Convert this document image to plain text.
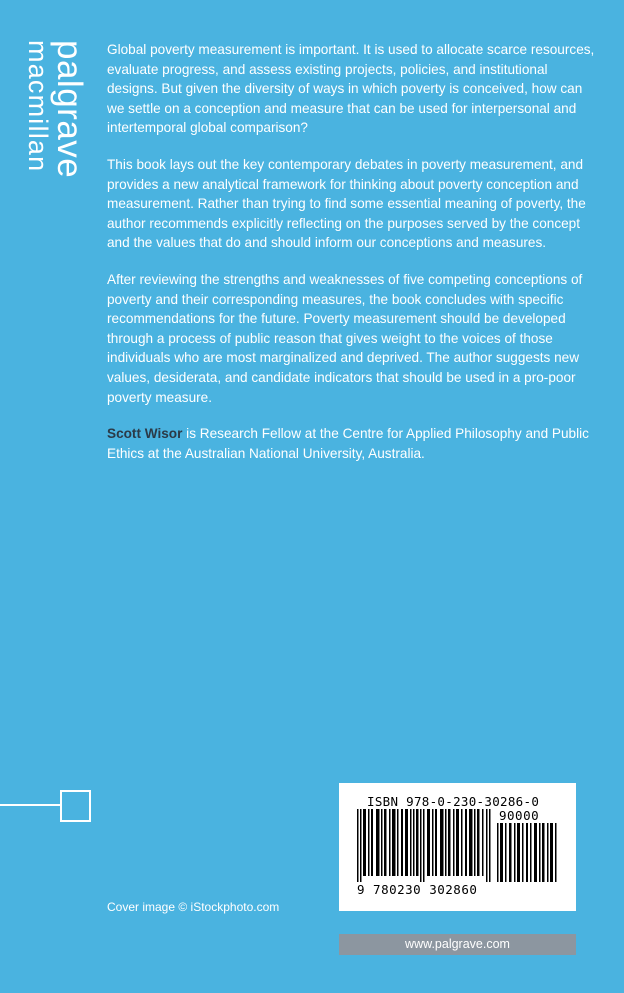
palgrave
macmillan	Global poverty measurement is important. It is used to allocate scarce resources, evaluate progress, and assess existing projects, policies, and institutional designs. But given the diversity of ways in which poverty is conceived, how can we settle on a conception and measure that can be used for interpersonal and intertemporal global comparison?

This book lays out the key contemporary debates in poverty measurement, and provides a new analytical framework for thinking about poverty conception and measurement. Rather than trying to find some essential meaning of poverty, the author recommends explicitly reflecting on the purposes served by the concept and the values that do and should inform our conceptions and measures.

After reviewing the strengths and weaknesses of five competing conceptions of poverty and their corresponding measures, the book concludes with specific recommendations for the future. Poverty measurement should be developed through a process of public reason that gives weight to the voices of those individuals who are most marginalized and deprived. The author suggests new values, desiderata, and candidate indicators that should be used in a pro-poor poverty measure.

Scott Wisor is Research Fellow at the Centre for Applied Philosophy and Public Ethics at the Australian National University, Australia.

Cover image © iStockphoto.com
ISBN 978-0-230-30286-0
90000
9 780230 302860
www.palgrave.com
